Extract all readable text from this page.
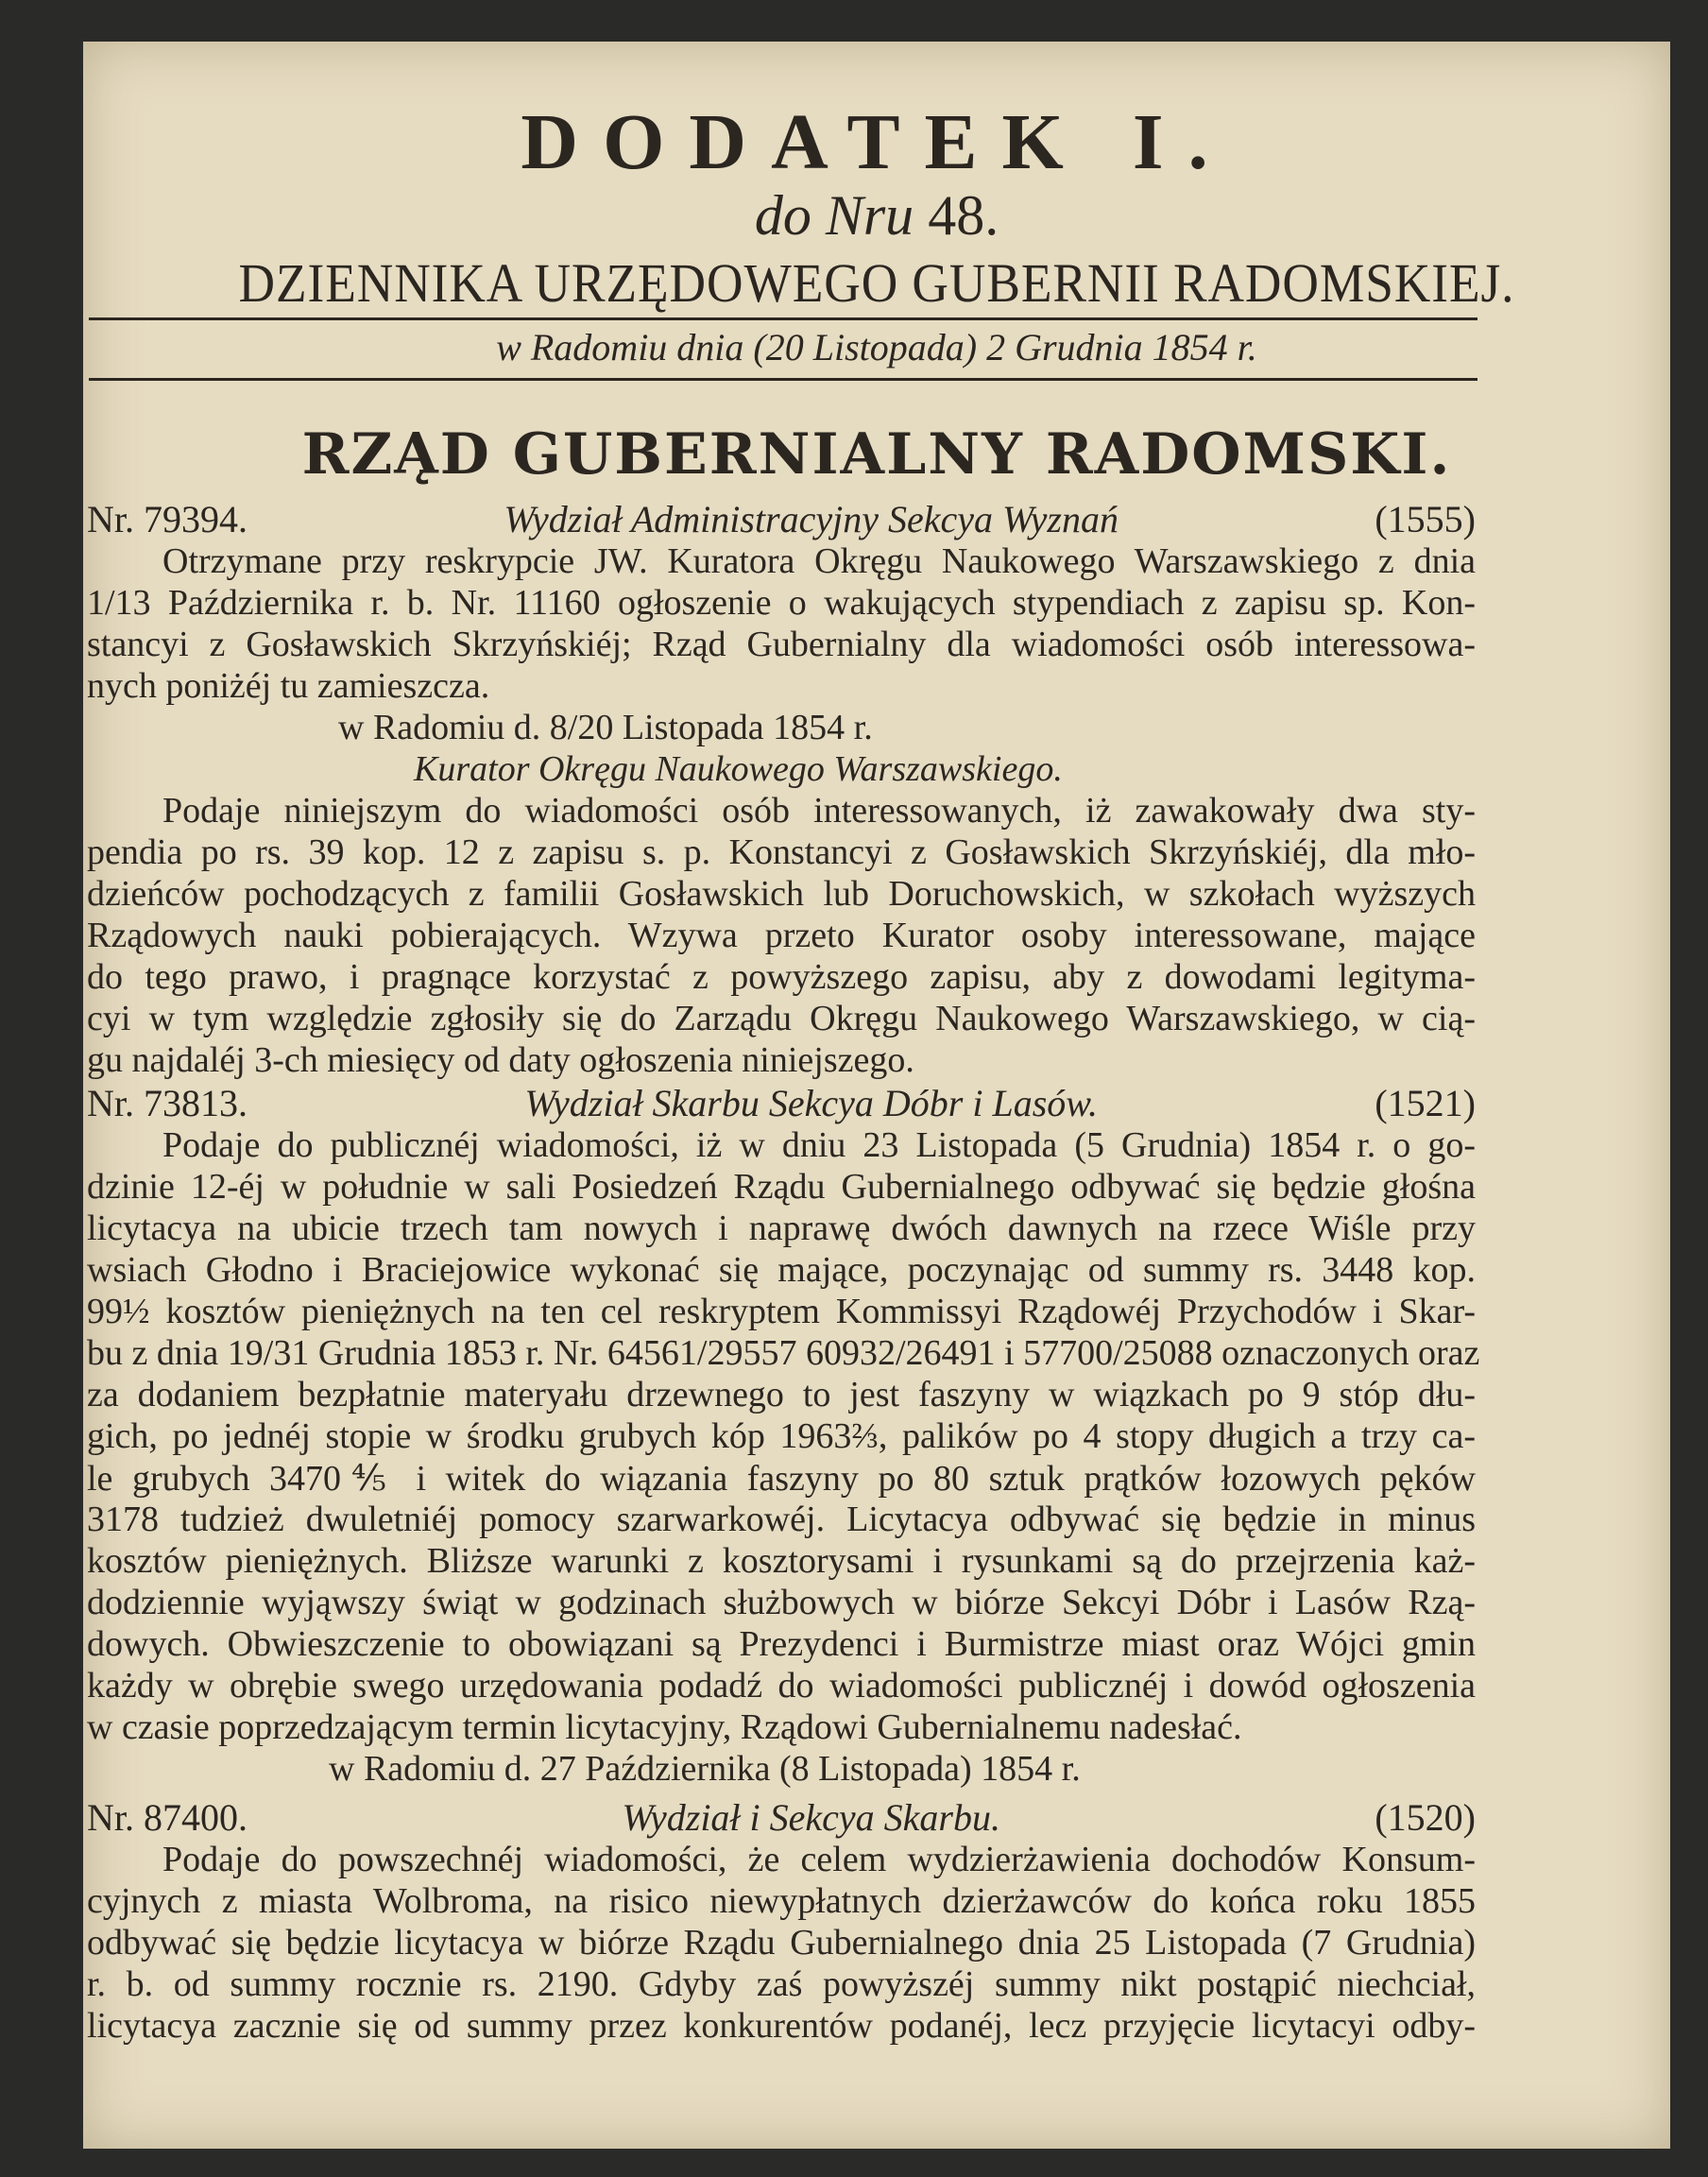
DODATEK I.
do Nru 48.
DZIENNIKA URZĘDOWEGO GUBERNII RADOMSKIEJ.
w Radomiu dnia (20 Listopada) 2 Grudnia 1854 r.
RZĄD GUBERNIALNY RADOMSKI.
Nr. 79394.	Wydział Administracyjny Sekcya Wyznań	(1555)
Otrzymane przy reskrypcie JW. Kuratora Okręgu Naukowego Warszawskiego z dnia
1/13 Października r. b. Nr. 11160 ogłoszenie o wakujących stypendiach z zapisu sp. Kon-
stancyi z Gosławskich Skrzyńskiéj; Rząd Gubernialny dla wiadomości osób interessowa-
nych poniżéj tu zamieszcza.
w Radomiu d. 8/20 Listopada 1854 r.
Kurator Okręgu Naukowego Warszawskiego.
Podaje niniejszym do wiadomości osób interessowanych, iż zawakowały dwa sty-
pendia po rs. 39 kop. 12 z zapisu s. p. Konstancyi z Gosławskich Skrzyńskiéj, dla mło-
dzieńców pochodzących z familii Gosławskich lub Doruchowskich, w szkołach wyższych
Rządowych nauki pobierających. Wzywa przeto Kurator osoby interessowane, mające
do tego prawo, i pragnące korzystać z powyższego zapisu, aby z dowodami legityma-
cyi w tym względzie zgłosiły się do Zarządu Okręgu Naukowego Warszawskiego, w cią-
gu najdaléj 3-ch miesięcy od daty ogłoszenia niniejszego.
Nr. 73813.	Wydział Skarbu Sekcya Dóbr i Lasów.	(1521)
Podaje do publicznéj wiadomości, iż w dniu 23 Listopada (5 Grudnia) 1854 r. o go-
dzinie 12-éj w południe w sali Posiedzeń Rządu Gubernialnego odbywać się będzie głośna
licytacya na ubicie trzech tam nowych i naprawę dwóch dawnych na rzece Wiśle przy
wsiach Głodno i Braciejowice wykonać się mające, poczynając od summy rs. 3448 kop.
99½ kosztów pieniężnych na ten cel reskryptem Kommissyi Rządowéj Przychodów i Skar-
bu z dnia 19/31 Grudnia 1853 r. Nr. 64561/29557 60932/26491 i 57700/25088 oznaczonych oraz
za dodaniem bezpłatnie materyału drzewnego to jest faszyny w wiązkach po 9 stóp dłu-
gich, po jednéj stopie w środku grubych kóp 1963⅔, palików po 4 stopy długich a trzy ca-
le grubych 3470⅘ i witek do wiązania faszyny po 80 sztuk prątków łozowych pęków
3178 tudzież dwuletniéj pomocy szarwarkowéj. Licytacya odbywać się będzie in minus
kosztów pieniężnych. Bliższe warunki z kosztorysami i rysunkami są do przejrzenia każ-
dodziennie wyjąwszy świąt w godzinach służbowych w biórze Sekcyi Dóbr i Lasów Rzą-
dowych. Obwieszczenie to obowiązani są Prezydenci i Burmistrze miast oraz Wójci gmin
każdy w obrębie swego urzędowania podadź do wiadomości publicznéj i dowód ogłoszenia
w czasie poprzedzającym termin licytacyjny, Rządowi Gubernialnemu nadesłać.
w Radomiu d. 27 Października (8 Listopada) 1854 r.
Nr. 87400.	Wydział i Sekcya Skarbu.	(1520)
Podaje do powszechnéj wiadomości, że celem wydzierżawienia dochodów Konsum-
cyjnych z miasta Wolbroma, na risico niewypłatnych dzierżawców do końca roku 1855
odbywać się będzie licytacya w biórze Rządu Gubernialnego dnia 25 Listopada (7 Grudnia)
r. b. od summy rocznie rs. 2190. Gdyby zaś powyższéj summy nikt postąpić niechciał,
licytacya zacznie się od summy przez konkurentów podanéj, lecz przyjęcie licytacyi odby-
